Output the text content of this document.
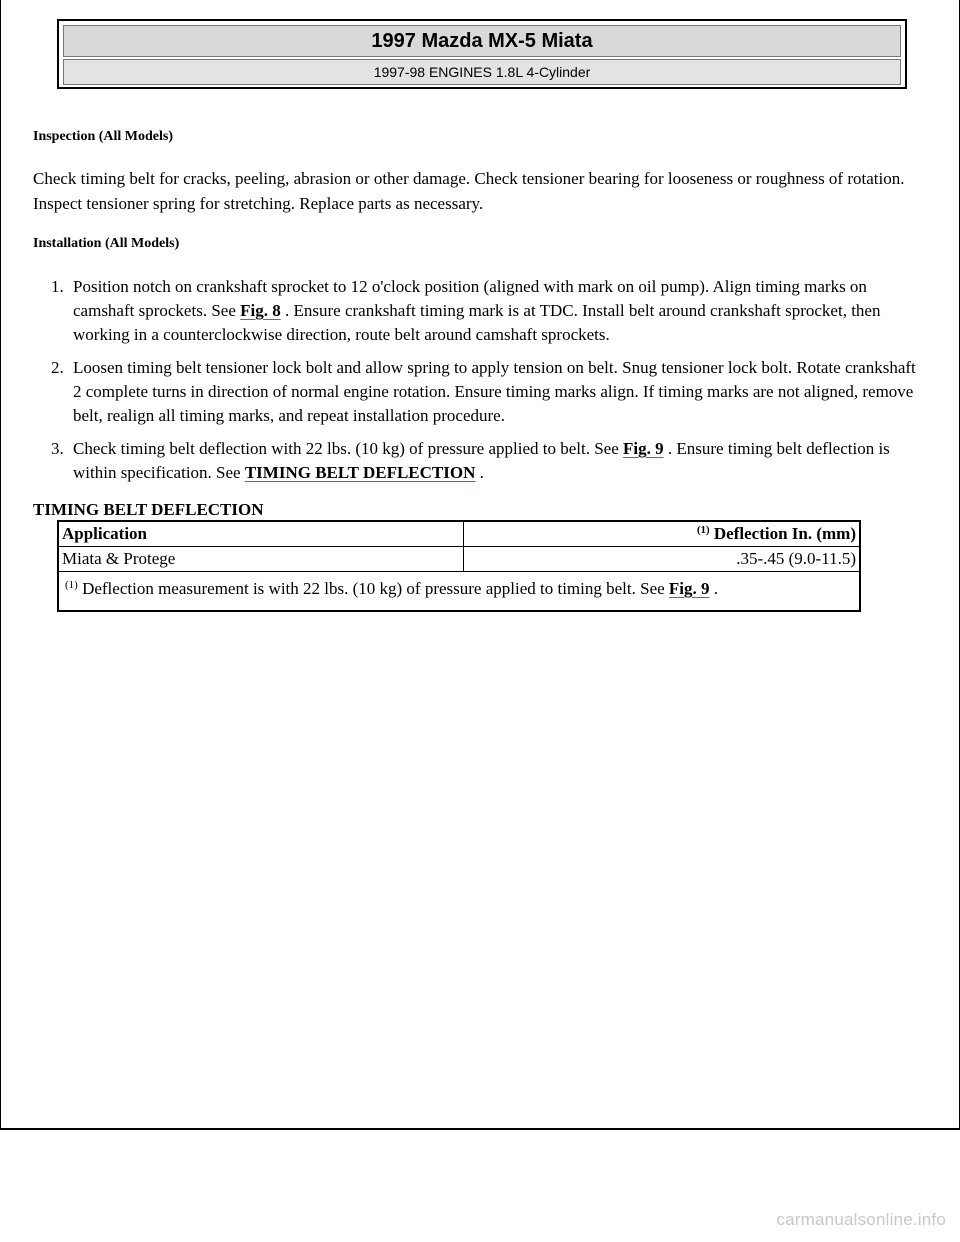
1997 Mazda MX-5 Miata
1997-98 ENGINES 1.8L 4-Cylinder

Inspection (All Models)

Check timing belt for cracks, peeling, abrasion or other damage. Check tensioner bearing for looseness or roughness of rotation. Inspect tensioner spring for stretching. Replace parts as necessary.

Installation (All Models)

1. Position notch on crankshaft sprocket to 12 o'clock position (aligned with mark on oil pump). Align timing marks on camshaft sprockets. See Fig. 8 . Ensure crankshaft timing mark is at TDC. Install belt around crankshaft sprocket, then working in a counterclockwise direction, route belt around camshaft sprockets.
2. Loosen timing belt tensioner lock bolt and allow spring to apply tension on belt. Snug tensioner lock bolt. Rotate crankshaft 2 complete turns in direction of normal engine rotation. Ensure timing marks align. If timing marks are not aligned, remove belt, realign all timing marks, and repeat installation procedure.
3. Check timing belt deflection with 22 lbs. (10 kg) of pressure applied to belt. See Fig. 9 . Ensure timing belt deflection is within specification. See TIMING BELT DEFLECTION .

TIMING BELT DEFLECTION

Application	$^{(1)}$ Deflection In. (mm)
Miata & Protege	.35-.45 (9.0-11.5)
$^{(1)}$ Deflection measurement is with 22 lbs. (10 kg) of pressure applied to timing belt. See Fig. 9 .	
carmanualsonline.info
